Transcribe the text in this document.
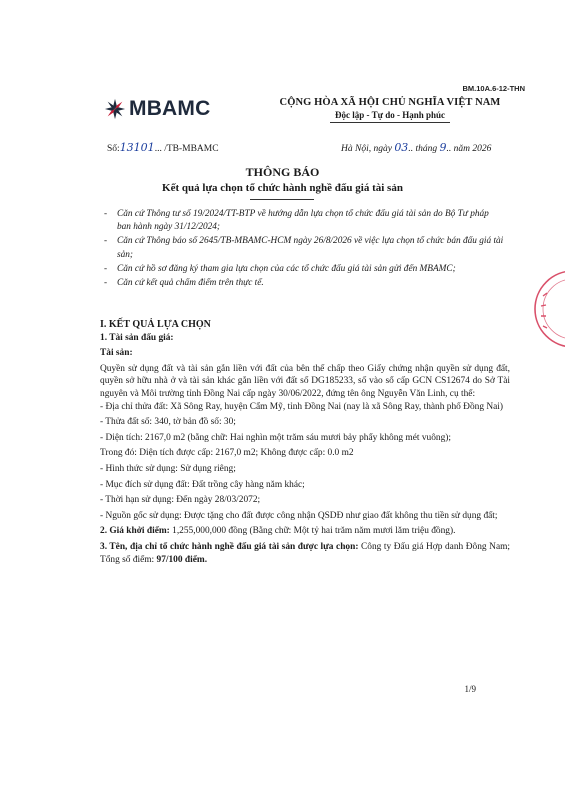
BM.10A.6-12-THN
MBAMC	CỘNG HÒA XÃ HỘI CHỦ NGHĨA VIỆT NAM
Độc lập - Tự do - Hạnh phúc
Số:13101... /TB-MBAMC	Hà Nội, ngày 03.. tháng 9.. năm 2026
THÔNG BÁO
Kết quả lựa chọn tổ chức hành nghề đấu giá tài sản
- Căn cứ Thông tư số 19/2024/TT-BTP về hướng dẫn lựa chọn tổ chức đấu giá tài sản do Bộ Tư pháp ban hành ngày 31/12/2024;
- Căn cứ Thông báo số 2645/TB-MBAMC-HCM ngày 26/8/2026 về việc lựa chọn tổ chức bán đấu giá tài sản;
- Căn cứ hồ sơ đăng ký tham gia lựa chọn của các tổ chức đấu giá tài sản gửi đến MBAMC;
- Căn cứ kết quả chấm điểm trên thực tế.

I. KẾT QUẢ LỰA CHỌN

1. Tài sản đấu giá:

Tài sản:

Quyền sử dụng đất và tài sản gắn liền với đất của bên thế chấp theo Giấy chứng nhận quyền sử dụng đất, quyền sở hữu nhà ở và tài sản khác gắn liền với đất số DG185233, số vào sổ cấp GCN CS12674 do Sở Tài nguyên và Môi trường tỉnh Đồng Nai cấp ngày 30/06/2022, đứng tên ông Nguyễn Văn Linh, cụ thể:

- Địa chỉ thửa đất: Xã Sông Ray, huyện Cẩm Mỹ, tỉnh Đồng Nai (nay là xã Sông Ray, thành phố Đồng Nai)

- Thửa đất số: 340, tờ bản đồ số: 30;

- Diện tích: 2167,0 m2 (bằng chữ: Hai nghìn một trăm sáu mươi bảy phẩy không mét vuông);

Trong đó: Diện tích được cấp: 2167,0 m2; Không được cấp: 0.0 m2

- Hình thức sử dụng: Sử dụng riêng;

- Mục đích sử dụng đất: Đất trồng cây hàng năm khác;

- Thời hạn sử dụng: Đến ngày 28/03/2072;

- Nguồn gốc sử dụng: Được tặng cho đất được công nhận QSDĐ như giao đất không thu tiền sử dụng đất;

2. Giá khởi điểm: 1,255,000,000 đồng (Bằng chữ: Một tỷ hai trăm năm mươi lăm triệu đồng).

3. Tên, địa chỉ tổ chức hành nghề đấu giá tài sản được lựa chọn: Công ty Đấu giá Hợp danh Đông Nam; Tổng số điểm: 97/100 điểm.

1/9
